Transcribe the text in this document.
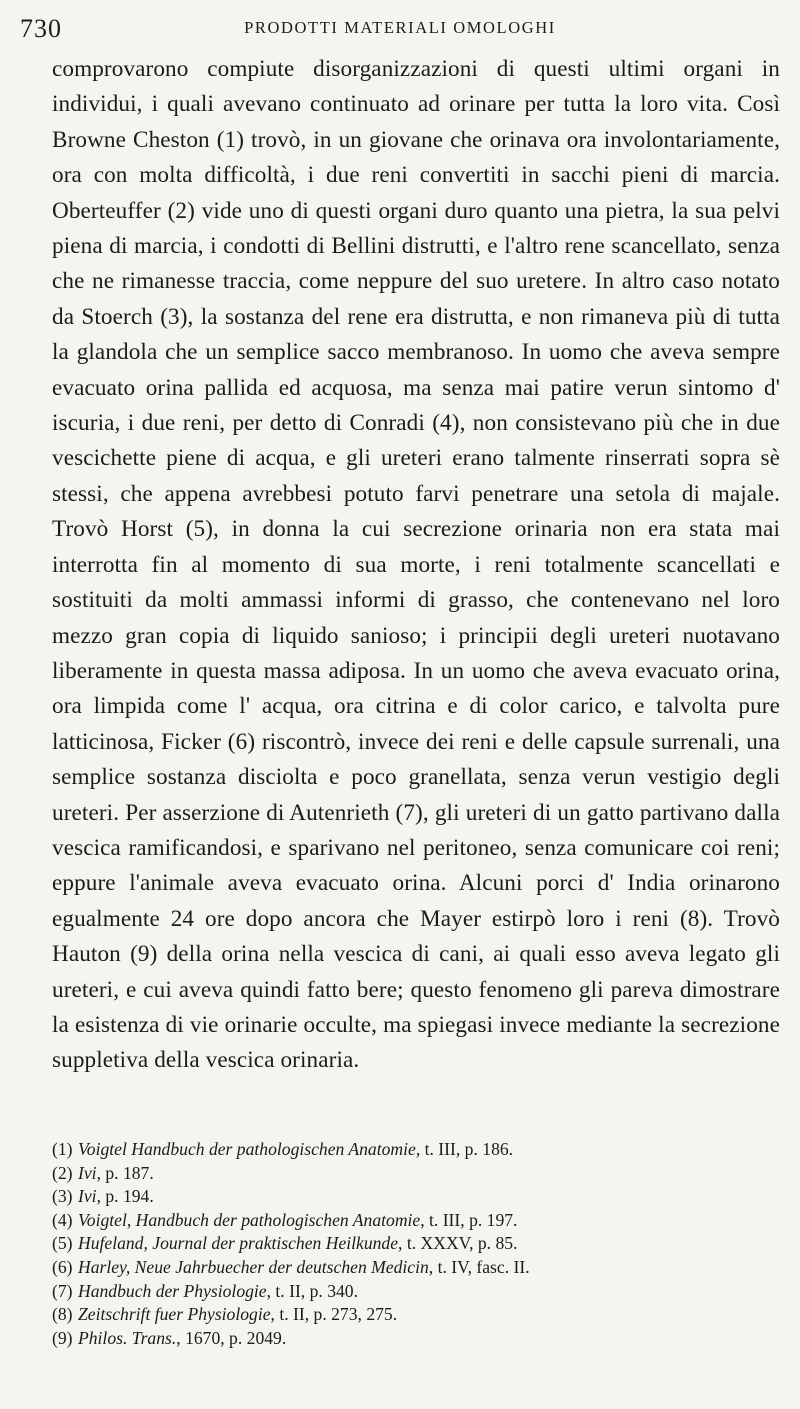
730	PRODOTTI MATERIALI OMOLOGHI

comprovarono compiute disorganizzazioni di questi ultimi organi in individui, i quali avevano continuato ad orinare per tutta la loro vita. Così Browne Cheston (1) trovò, in un giovane che orinava ora involontariamente, ora con molta difficoltà, i due reni convertiti in sacchi pieni di marcia. Oberteuffer (2) vide uno di questi organi duro quanto una pietra, la sua pelvi piena di marcia, i condotti di Bellini distrutti, e l'altro rene scancellato, senza che ne rimanesse traccia, come neppure del suo uretere. In altro caso notato da Stoerch (3), la sostanza del rene era distrutta, e non rimaneva più di tutta la glandola che un semplice sacco membranoso. In uomo che aveva sempre evacuato orina pallida ed acquosa, ma senza mai patire verun sintomo d' iscuria, i due reni, per detto di Conradi (4), non consistevano più che in due vescichette piene di acqua, e gli ureteri erano talmente rinserrati sopra sè stessi, che appena avrebbesi potuto farvi penetrare una setola di majale. Trovò Horst (5), in donna la cui secrezione orinaria non era stata mai interrotta fin al momento di sua morte, i reni totalmente scancellati e sostituiti da molti ammassi informi di grasso, che contenevano nel loro mezzo gran copia di liquido sanioso; i principii degli ureteri nuotavano liberamente in questa massa adiposa. In un uomo che aveva evacuato orina, ora limpida come l' acqua, ora citrina e di color carico, e talvolta pure latticinosa, Ficker (6) riscontrò, invece dei reni e delle capsule surrenali, una semplice sostanza disciolta e poco granellata, senza verun vestigio degli ureteri. Per asserzione di Autenrieth (7), gli ureteri di un gatto partivano dalla vescica ramificandosi, e sparivano nel peritoneo, senza comunicare coi reni; eppure l'animale aveva evacuato orina. Alcuni porci d' India orinarono egualmente 24 ore dopo ancora che Mayer estirpò loro i reni (8). Trovò Hauton (9) della orina nella vescica di cani, ai quali esso aveva legato gli ureteri, e cui aveva quindi fatto bere; questo fenomeno gli pareva dimostrare la esistenza di vie orinarie occulte, ma spiegasi invece mediante la secrezione suppletiva della vescica orinaria.

(1) Voigtel Handbuch der pathologischen Anatomie, t. III, p. 186.
(2) Ivi, p. 187.
(3) Ivi, p. 194.
(4) Voigtel, Handbuch der pathologischen Anatomie, t. III, p. 197.
(5) Hufeland, Journal der praktischen Heilkunde, t. XXXV, p. 85.
(6) Harley, Neue Jahrbuecher der deutschen Medicin, t. IV, fasc. II.
(7) Handbuch der Physiologie, t. II, p. 340.
(8) Zeitschrift fuer Physiologie, t. II, p. 273, 275.
(9) Philos. Trans., 1670, p. 2049.
